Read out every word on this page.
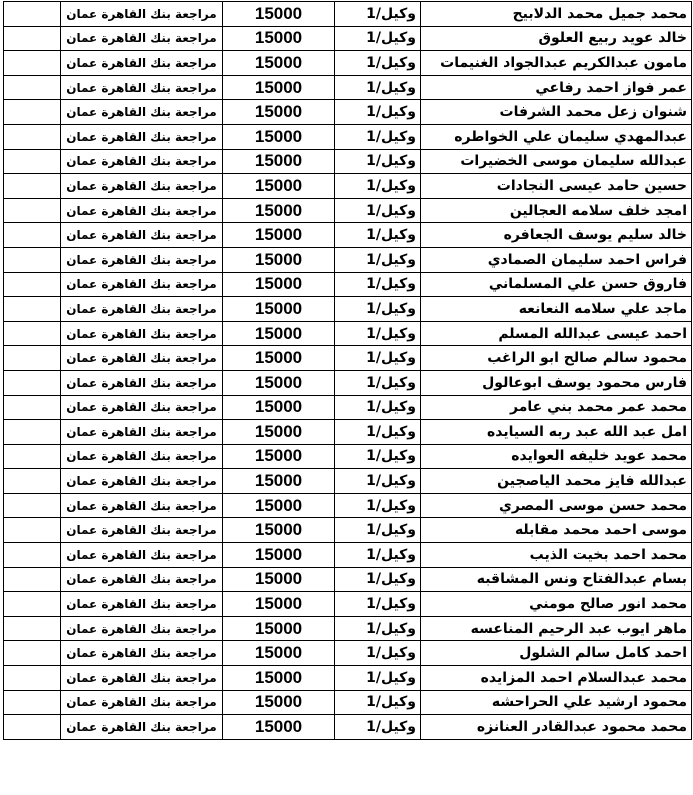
محمد جميل محمد الدلابيح	وكيل/1	15000	مراجعة بنك القاهرة عمان	
خالد عويد ربيع العلوق	وكيل/1	15000	مراجعة بنك القاهرة عمان	
مامون عبدالكريم عبدالجواد الغنيمات	وكيل/1	15000	مراجعة بنك القاهرة عمان	
عمر فواز احمد رفاعي	وكيل/1	15000	مراجعة بنك القاهرة عمان	
شنوان زعل محمد الشرفات	وكيل/1	15000	مراجعة بنك القاهرة عمان	
عبدالمهدي سليمان علي الخواطره	وكيل/1	15000	مراجعة بنك القاهرة عمان	
عبدالله سليمان موسى الخضيرات	وكيل/1	15000	مراجعة بنك القاهرة عمان	
حسين حامد عيسى النجادات	وكيل/1	15000	مراجعة بنك القاهرة عمان	
امجد خلف سلامه العجالين	وكيل/1	15000	مراجعة بنك القاهرة عمان	
خالد سليم يوسف الجعافره	وكيل/1	15000	مراجعة بنك القاهرة عمان	
فراس احمد سليمان الصمادي	وكيل/1	15000	مراجعة بنك القاهرة عمان	
فاروق حسن علي المسلماني	وكيل/1	15000	مراجعة بنك القاهرة عمان	
ماجد علي سلامه النعانعه	وكيل/1	15000	مراجعة بنك القاهرة عمان	
احمد عيسى عبدالله المسلم	وكيل/1	15000	مراجعة بنك القاهرة عمان	
محمود سالم صالح ابو الراغب	وكيل/1	15000	مراجعة بنك القاهرة عمان	
فارس محمود يوسف ابوعالول	وكيل/1	15000	مراجعة بنك القاهرة عمان	
محمد عمر محمد بني عامر	وكيل/1	15000	مراجعة بنك القاهرة عمان	
امل عبد الله عبد ربه السيايده	وكيل/1	15000	مراجعة بنك القاهرة عمان	
محمد عويد خليفه العوايده	وكيل/1	15000	مراجعة بنك القاهرة عمان	
عبدالله فايز محمد الياصجين	وكيل/1	15000	مراجعة بنك القاهرة عمان	
محمد حسن موسى المصري	وكيل/1	15000	مراجعة بنك القاهرة عمان	
موسى احمد محمد مقابله	وكيل/1	15000	مراجعة بنك القاهرة عمان	
محمد احمد بخيت الذيب	وكيل/1	15000	مراجعة بنك القاهرة عمان	
بسام عبدالفتاح ونس المشاقبه	وكيل/1	15000	مراجعة بنك القاهرة عمان	
محمد انور صالح مومني	وكيل/1	15000	مراجعة بنك القاهرة عمان	
ماهر ايوب عبد الرحيم المناعسه	وكيل/1	15000	مراجعة بنك القاهرة عمان	
احمد كامل سالم الشلول	وكيل/1	15000	مراجعة بنك القاهرة عمان	
محمد عبدالسلام احمد المزايده	وكيل/1	15000	مراجعة بنك القاهرة عمان	
محمود ارشيد علي الحراحشه	وكيل/1	15000	مراجعة بنك القاهرة عمان	
محمد محمود عبدالقادر العنانزه	وكيل/1	15000	مراجعة بنك القاهرة عمان	
